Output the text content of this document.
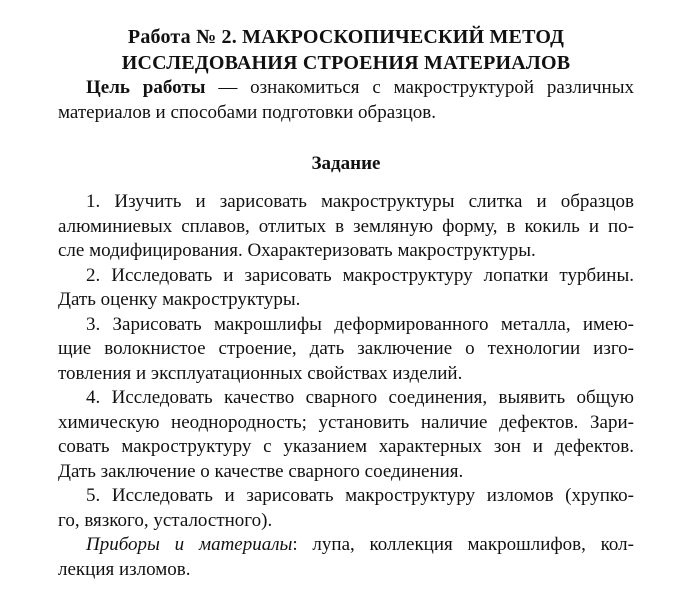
Работа № 2. МАКРОСКОПИЧЕСКИЙ МЕТОД
ИССЛЕДОВАНИЯ СТРОЕНИЯ МАТЕРИАЛОВ

Цель работы — ознакомиться с макроструктурой различных
материалов и способами подготовки образцов.

Задание

1. Изучить и зарисовать макроструктуры слитка и образцов
алюминиевых сплавов, отлитых в земляную форму, в кокиль и по-
сле модифицирования. Охарактеризовать макроструктуры.

2. Исследовать и зарисовать макроструктуру лопатки турбины.
Дать оценку макроструктуры.

3. Зарисовать макрошлифы деформированного металла, имею-
щие волокнистое строение, дать заключение о технологии изго-
товления и эксплуатационных свойствах изделий.

4. Исследовать качество сварного соединения, выявить общую
химическую неоднородность; установить наличие дефектов. Зари-
совать макроструктуру с указанием характерных зон и дефектов.
Дать заключение о качестве сварного соединения.

5. Исследовать и зарисовать макроструктуру изломов (хрупко-
го, вязкого, усталостного).

Приборы и материалы: лупа, коллекция макрошлифов, кол-
лекция изломов.
